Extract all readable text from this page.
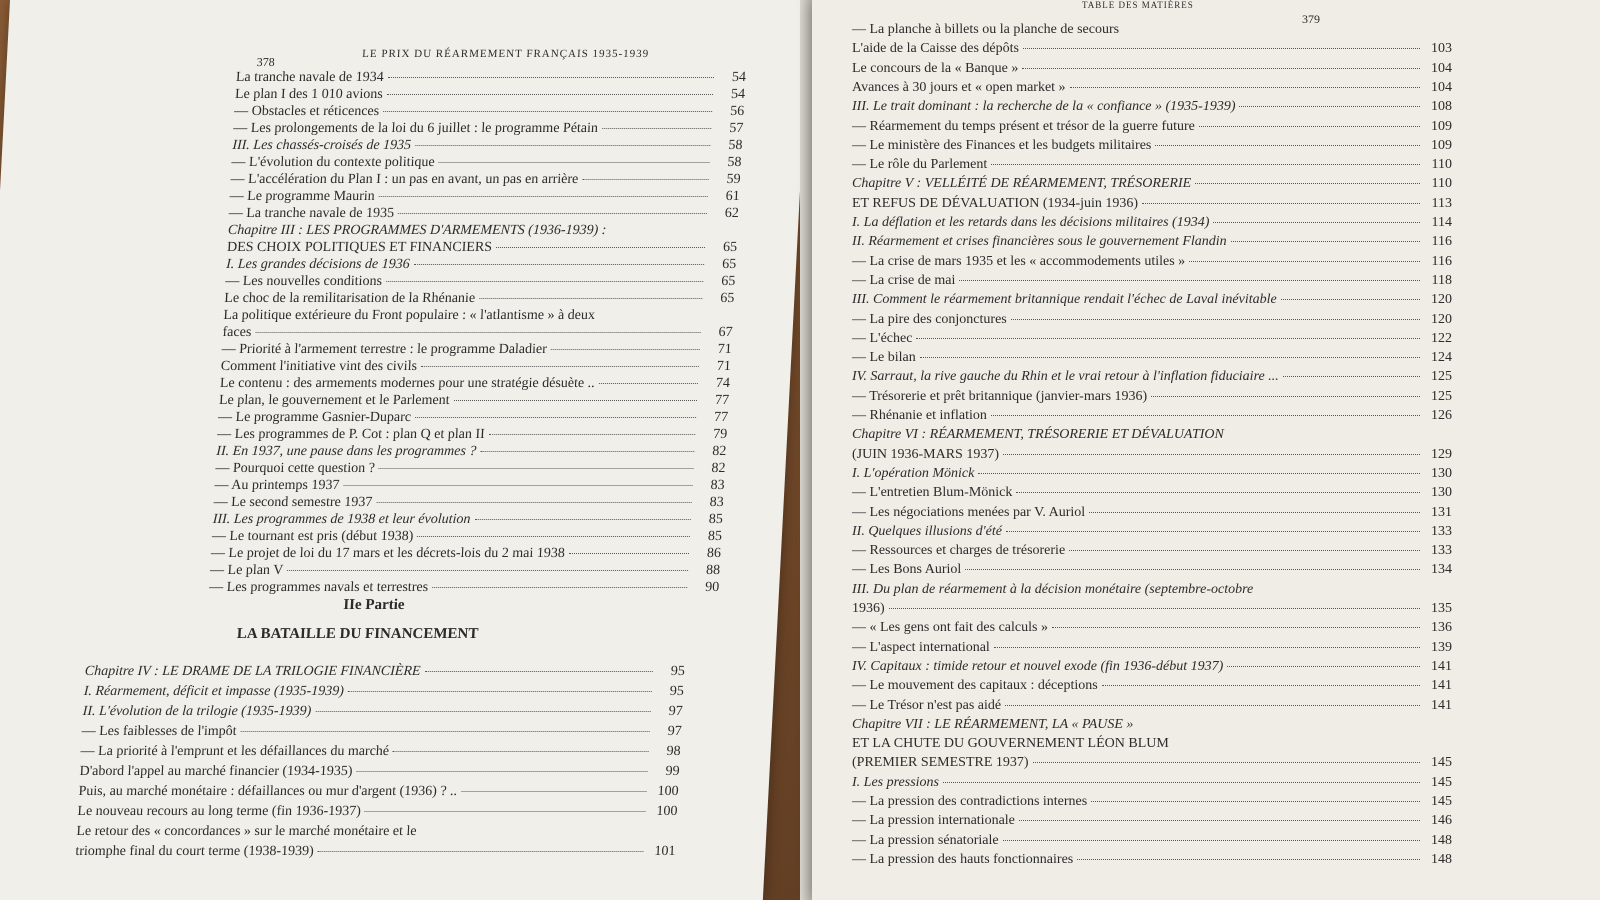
378
LE PRIX DU RÉARMEMENT FRANÇAIS 1935-1939
La tranche navale de 1934	54
Le plan I des 1 010 avions	54
— Obstacles et réticences	56
— Les prolongements de la loi du 6 juillet : le programme Pétain	57
III. Les chassés-croisés de 1935	58
— L'évolution du contexte politique	58
— L'accélération du Plan I : un pas en avant, un pas en arrière	59
— Le programme Maurin	61
— La tranche navale de 1935	62
Chapitre III : LES PROGRAMMES D'ARMEMENTS (1936-1939) :
DES CHOIX POLITIQUES ET FINANCIERS	65
I. Les grandes décisions de 1936	65
— Les nouvelles conditions	65
Le choc de la remilitarisation de la Rhénanie	65
La politique extérieure du Front populaire : « l'atlantisme » à deux
faces	67
— Priorité à l'armement terrestre : le programme Daladier	71
Comment l'initiative vint des civils	71
Le contenu : des armements modernes pour une stratégie désuète ..	74
Le plan, le gouvernement et le Parlement	77
— Le programme Gasnier-Duparc	77
— Les programmes de P. Cot : plan Q et plan II	79
II. En 1937, une pause dans les programmes ?	82
— Pourquoi cette question ?	82
— Au printemps 1937	83
— Le second semestre 1937	83
III. Les programmes de 1938 et leur évolution	85
— Le tournant est pris (début 1938)	85
— Le projet de loi du 17 mars et les décrets-lois du 2 mai 1938	86
— Le plan V	88
— Les programmes navals et terrestres	90
IIe Partie
LA BATAILLE DU FINANCEMENT
Chapitre IV : LE DRAME DE LA TRILOGIE FINANCIÈRE	95
I. Réarmement, déficit et impasse (1935-1939)	95
II. L'évolution de la trilogie (1935-1939)	97
— Les faiblesses de l'impôt	97
— La priorité à l'emprunt et les défaillances du marché	98
D'abord l'appel au marché financier (1934-1935)	99
Puis, au marché monétaire : défaillances ou mur d'argent (1936) ? ..	100
Le nouveau recours au long terme (fin 1936-1937)	100
Le retour des « concordances » sur le marché monétaire et le
triomphe final du court terme (1938-1939)	101
TABLE DES MATIÈRES
379
— La planche à billets ou la planche de secours
L'aide de la Caisse des dépôts	103
Le concours de la « Banque »	104
Avances à 30 jours et « open market »	104
III. Le trait dominant : la recherche de la « confiance » (1935-1939)	108
— Réarmement du temps présent et trésor de la guerre future	109
— Le ministère des Finances et les budgets militaires	109
— Le rôle du Parlement	110
Chapitre V : VELLÉITÉ DE RÉARMEMENT, TRÉSORERIE	110
ET REFUS DE DÉVALUATION (1934-juin 1936)	113
I. La déflation et les retards dans les décisions militaires (1934)	114
II. Réarmement et crises financières sous le gouvernement Flandin	116
— La crise de mars 1935 et les « accommodements utiles »	116
— La crise de mai	118
III. Comment le réarmement britannique rendait l'échec de Laval inévitable	120
— La pire des conjonctures	120
— L'échec	122
— Le bilan	124
IV. Sarraut, la rive gauche du Rhin et le vrai retour à l'inflation fiduciaire ...	125
— Trésorerie et prêt britannique (janvier-mars 1936)	125
— Rhénanie et inflation	126
Chapitre VI : RÉARMEMENT, TRÉSORERIE ET DÉVALUATION
(JUIN 1936-MARS 1937)	129
I. L'opération Mönick	130
— L'entretien Blum-Mönick	130
— Les négociations menées par V. Auriol	131
II. Quelques illusions d'été	133
— Ressources et charges de trésorerie	133
— Les Bons Auriol	134
III. Du plan de réarmement à la décision monétaire (septembre-octobre
1936)	135
— « Les gens ont fait des calculs »	136
— L'aspect international	139
IV. Capitaux : timide retour et nouvel exode (fin 1936-début 1937)	141
— Le mouvement des capitaux : déceptions	141
— Le Trésor n'est pas aidé	141
Chapitre VII : LE RÉARMEMENT, LA « PAUSE »
ET LA CHUTE DU GOUVERNEMENT LÉON BLUM
(PREMIER SEMESTRE 1937)	145
I. Les pressions	145
— La pression des contradictions internes	145
— La pression internationale	146
— La pression sénatoriale	148
— La pression des hauts fonctionnaires	148
